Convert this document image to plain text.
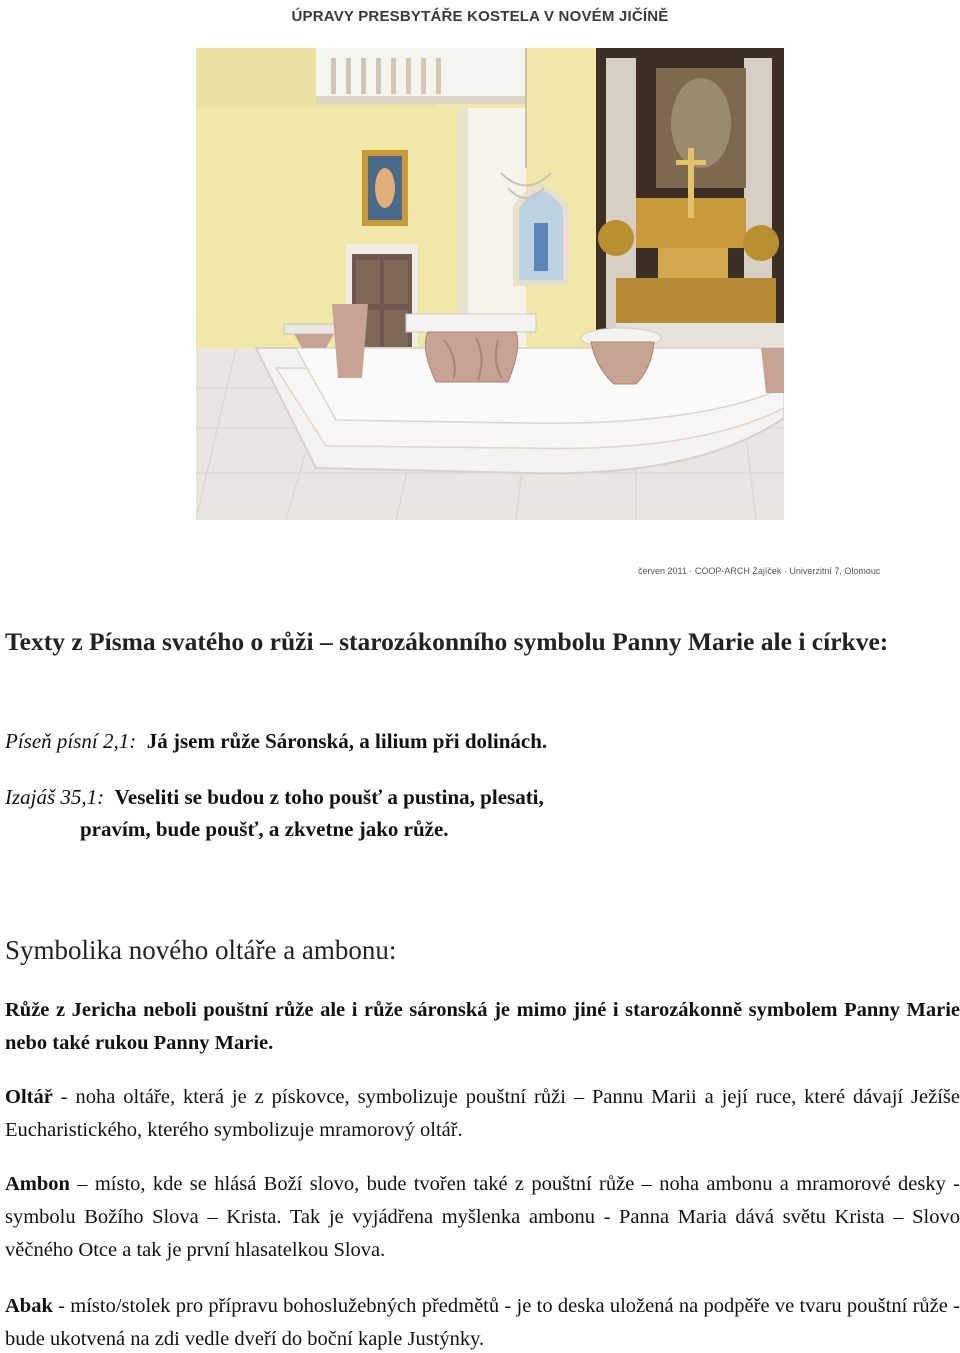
ÚPRAVY PRESBYTÁŘE KOSTELA V NOVÉM JIČÍNĚ
červen 2011 · COOP-ARCH Zajíček · Univerzitní 7, Olomouc
Texty z Písma svatého o růži – starozákonního symbolu Panny Marie ale i církve:
Píseň písní 2,1: Já jsem růže Sáronská, a lilium při dolinách.
Izajáš 35,1: Veseliti se budou z toho poušť a pustina, plesati,
pravím, bude poušť, a zkvetne jako růže.
Symbolika nového oltáře a ambonu:
Růže z Jericha neboli pouštní růže ale i růže sáronská je mimo jiné i starozákonně symbolem Panny Marie nebo také rukou Panny Marie.
Oltář - noha oltáře, která je z pískovce, symbolizuje pouštní růži – Pannu Marii a její ruce, které dávají Ježíše Eucharistického, kterého symbolizuje mramorový oltář.
Ambon – místo, kde se hlásá Boží slovo, bude tvořen také z pouštní růže – noha ambonu a mramorové desky - symbolu Božího Slova – Krista. Tak je vyjádřena myšlenka ambonu - Panna Maria dává světu Krista – Slovo věčného Otce a tak je první hlasatelkou Slova.
Abak - místo/stolek pro přípravu bohoslužebných předmětů - je to deska uložená na podpěře ve tvaru pouštní růže - bude ukotvená na zdi vedle dveří do boční kaple Justýnky.
